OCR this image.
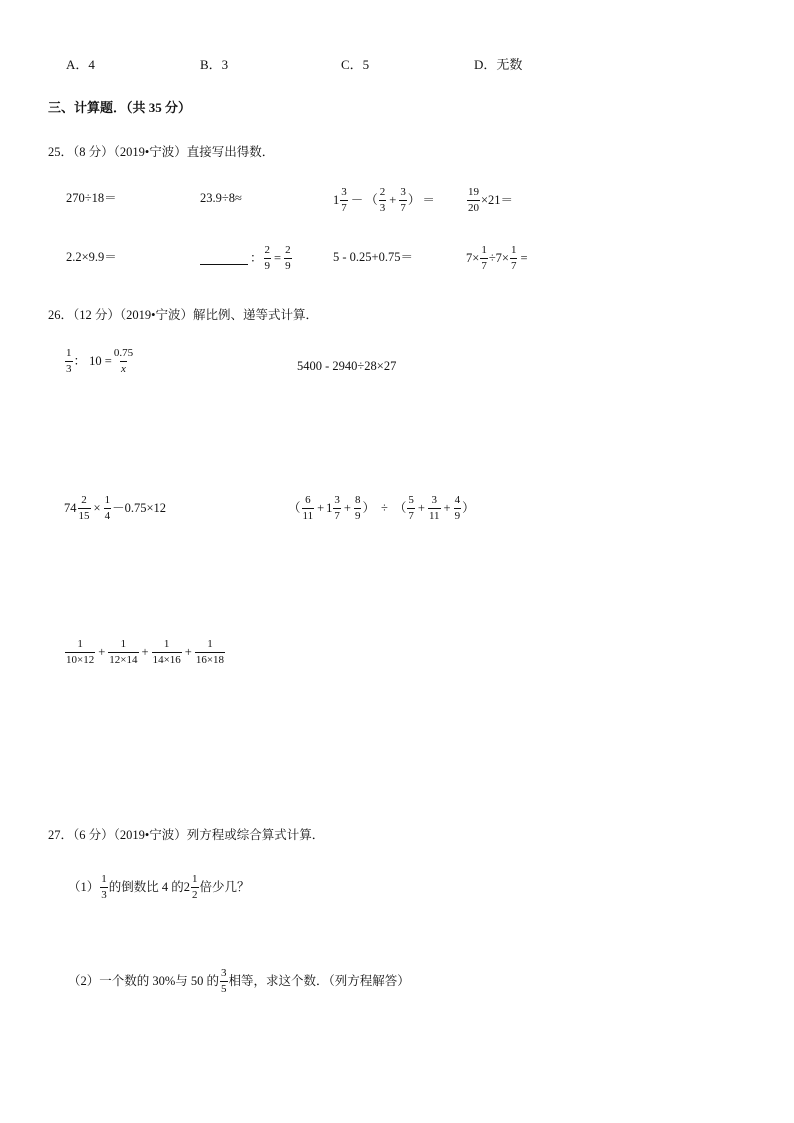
A．4	B．3	C．5	D．无数
三、计算题．（共 35 分）
25．（8 分）（2019•宁波）直接写出得数．
270÷18＝	23.9÷8≈	$1 \frac{3}{7}$ － （ $\frac{2}{3} + \frac{3}{7}$ ） ＝	$\frac{19}{20} \times 21=$
2.2×9.9＝	： $\frac{2}{9} = \frac{2}{9}$	5 - 0.25+0.75＝	$7\times \frac{1}{7} \div 7\times \frac{1}{7}$ =
26．（12 分）（2019•宁波）解比例、递等式计算．
$\frac{1}{3}$ ： $10 = \frac{0.75}{x}$	5400 - 2940÷28×27
$74 \frac{2}{15} \times \frac{1}{4} -0.75\times 12$	（ $\frac{6}{11} + 1 \frac{3}{7} + \frac{8}{9}$ ） ÷ （ $\frac{5}{7} + \frac{3}{11} + \frac{4}{9}$ ）
$\frac{1}{10\times 12} + \frac{1}{12\times 14} + \frac{1}{14\times 16} + \frac{1}{16\times 18}$
27．（6 分）（2019•宁波）列方程或综合算式计算．
$(1) \frac{1}{3}$ 的倒数比 4 的 $2 \frac{1}{2}$ 倍少几？
（2）一个数的 30%与 50 的 $\frac{3}{5}$ 相等，求这个数．（列方程解答）
